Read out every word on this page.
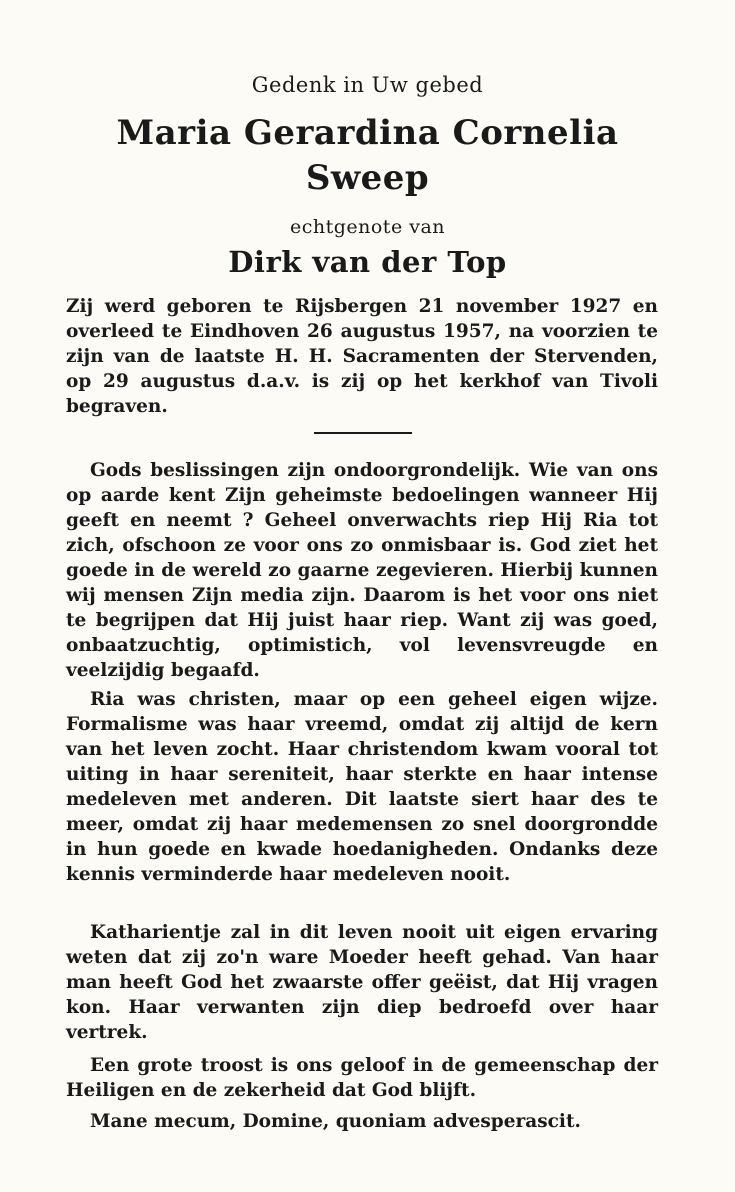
Gedenk in Uw gebed
Maria Gerardina Cornelia
Sweep
echtgenote van
Dirk van der Top
Zij werd geboren te Rijsbergen 21 november 1927 en overleed te Eindhoven 26 augustus 1957, na voorzien te zijn van de laatste H. H. Sacramenten der Stervenden, op 29 augustus d.a.v. is zij op het kerkhof van Tivoli begraven.
Gods beslissingen zijn ondoorgrondelijk. Wie van ons op aarde kent Zijn geheimste bedoelingen wanneer Hij geeft en neemt ? Geheel onverwachts riep Hij Ria tot zich, ofschoon ze voor ons zo onmisbaar is. God ziet het goede in de wereld zo gaarne zegevieren. Hierbij kunnen wij mensen Zijn media zijn. Daarom is het voor ons niet te begrijpen dat Hij juist haar riep. Want zij was goed, onbaatzuchtig, optimistich, vol levensvreugde en veelzijdig begaafd.
Ria was christen, maar op een geheel eigen wijze. Formalisme was haar vreemd, omdat zij altijd de kern van het leven zocht. Haar christendom kwam vooral tot uiting in haar sereniteit, haar sterkte en haar intense medeleven met anderen. Dit laatste siert haar des te meer, omdat zij haar medemensen zo snel doorgrondde in hun goede en kwade hoedanigheden. Ondanks deze kennis verminderde haar medeleven nooit.
Katharientje zal in dit leven nooit uit eigen ervaring weten dat zij zo'n ware Moeder heeft gehad. Van haar man heeft God het zwaarste offer geëist, dat Hij vragen kon. Haar verwanten zijn diep bedroefd over haar vertrek.
Een grote troost is ons geloof in de gemeenschap der Heiligen en de zekerheid dat God blijft.
Mane mecum, Domine, quoniam advesperascit.
